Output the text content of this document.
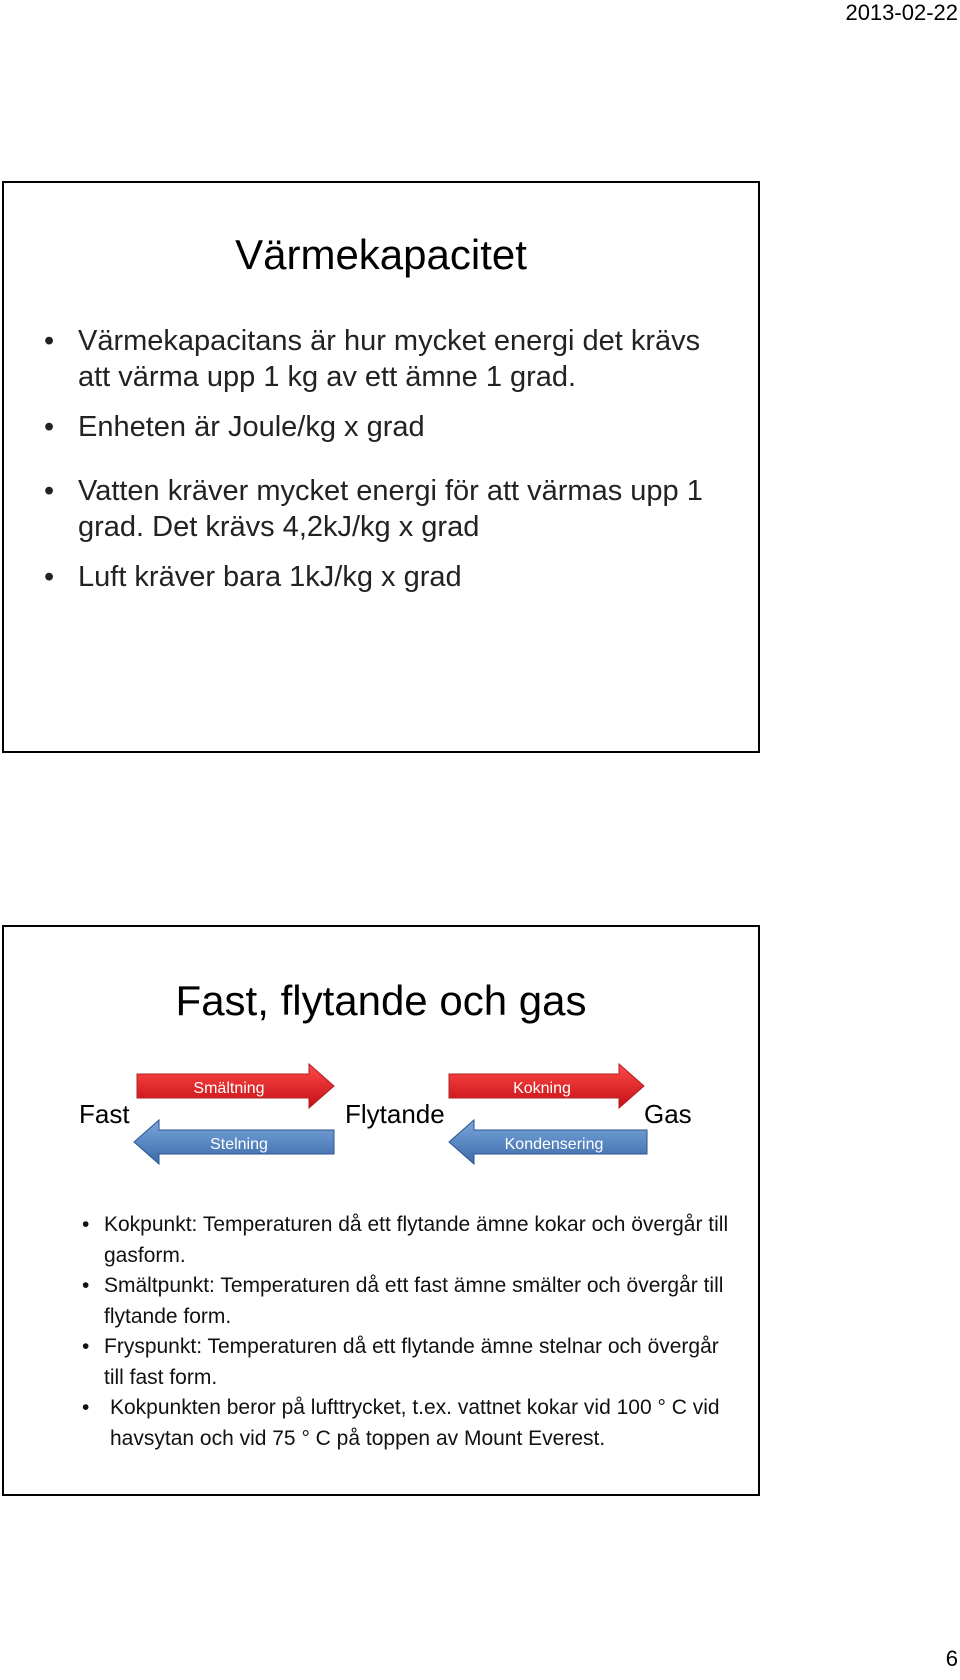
2013-02-22
Värmekapacitet
• Värmekapacitans är hur mycket energi det krävs att värma upp 1 kg av ett ämne 1 grad.
• Enheten är Joule/kg x grad
• Vatten kräver mycket energi för att värmas upp 1 grad. Det krävs 4,2kJ/kg x grad
• Luft kräver bara 1kJ/kg x grad
Fast, flytande och gas
Smältning
Stelning
Kokning
Kondensering
Fast	Flytande	Gas
• Kokpunkt: Temperaturen då ett flytande ämne kokar och övergår till gasform.
• Smältpunkt: Temperaturen då ett fast ämne smälter och övergår till flytande form.
• Fryspunkt: Temperaturen då ett flytande ämne stelnar och övergår till fast form.
• Kokpunkten beror på lufttrycket, t.ex. vattnet kokar vid 100 ° C vid havsytan och vid 75 ° C på toppen av Mount Everest.
6
